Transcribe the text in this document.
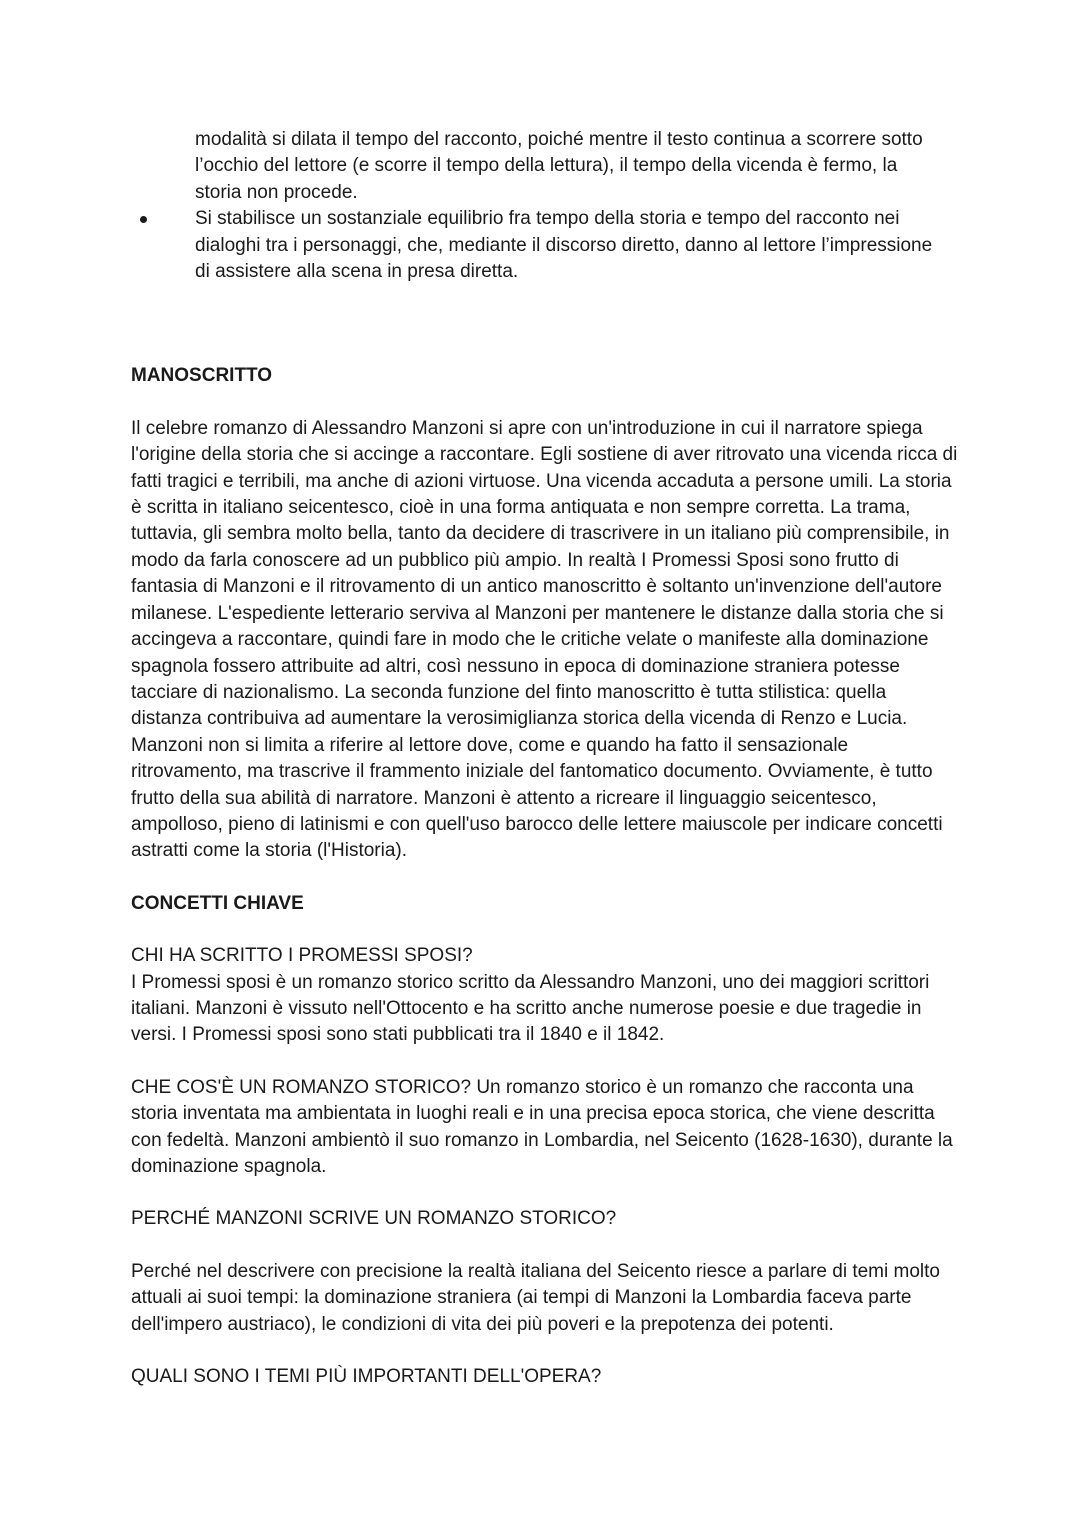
modalità si dilata il tempo del racconto, poiché mentre il testo continua a scorrere sotto l’occhio del lettore (e scorre il tempo della lettura), il tempo della vicenda è fermo, la storia non procede.

Si stabilisce un sostanziale equilibrio fra tempo della storia e tempo del racconto nei dialoghi tra i personaggi, che, mediante il discorso diretto, danno al lettore l’impressione di assistere alla scena in presa diretta.

MANOSCRITTO

Il celebre romanzo di Alessandro Manzoni si apre con un'introduzione in cui il narratore spiega l'origine della storia che si accinge a raccontare. Egli sostiene di aver ritrovato una vicenda ricca di fatti tragici e terribili, ma anche di azioni virtuose. Una vicenda accaduta a persone umili. La storia è scritta in italiano seicentesco, cioè in una forma antiquata e non sempre corretta. La trama, tuttavia, gli sembra molto bella, tanto da decidere di trascrivere in un italiano più comprensibile, in modo da farla conoscere ad un pubblico più ampio. In realtà I Promessi Sposi sono frutto di fantasia di Manzoni e il ritrovamento di un antico manoscritto è soltanto un'invenzione dell'autore milanese. L'espediente letterario serviva al Manzoni per mantenere le distanze dalla storia che si accingeva a raccontare, quindi fare in modo che le critiche velate o manifeste alla dominazione spagnola fossero attribuite ad altri, così nessuno in epoca di dominazione straniera potesse tacciare di nazionalismo. La seconda funzione del finto manoscritto è tutta stilistica: quella distanza contribuiva ad aumentare la verosimiglianza storica della vicenda di Renzo e Lucia. Manzoni non si limita a riferire al lettore dove, come e quando ha fatto il sensazionale ritrovamento, ma trascrive il frammento iniziale del fantomatico documento. Ovviamente, è tutto frutto della sua abilità di narratore. Manzoni è attento a ricreare il linguaggio seicentesco, ampolloso, pieno di latinismi e con quell'uso barocco delle lettere maiuscole per indicare concetti astratti come la storia (l'Historia).

CONCETTI CHIAVE

CHI HA SCRITTO I PROMESSI SPOSI?

I Promessi sposi è un romanzo storico scritto da Alessandro Manzoni, uno dei maggiori scrittori italiani. Manzoni è vissuto nell'Ottocento e ha scritto anche numerose poesie e due tragedie in versi. I Promessi sposi sono stati pubblicati tra il 1840 e il 1842.

CHE COS'È UN ROMANZO STORICO? Un romanzo storico è un romanzo che racconta una storia inventata ma ambientata in luoghi reali e in una precisa epoca storica, che viene descritta con fedeltà. Manzoni ambientò il suo romanzo in Lombardia, nel Seicento (1628-1630), durante la dominazione spagnola.

PERCHÉ MANZONI SCRIVE UN ROMANZO STORICO?

Perché nel descrivere con precisione la realtà italiana del Seicento riesce a parlare di temi molto attuali ai suoi tempi: la dominazione straniera (ai tempi di Manzoni la Lombardia faceva parte dell'impero austriaco), le condizioni di vita dei più poveri e la prepotenza dei potenti.

QUALI SONO I TEMI PIÙ IMPORTANTI DELL'OPERA?
